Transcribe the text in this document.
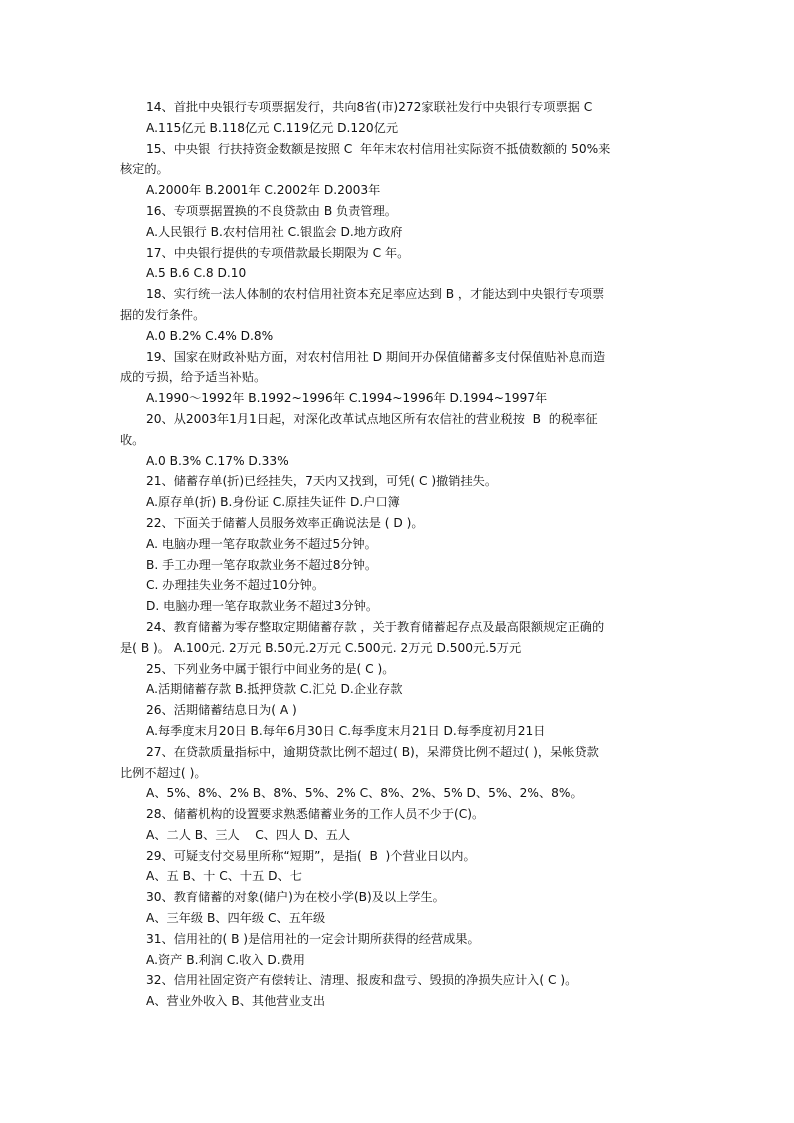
14、首批中央银行专项票据发行，共向8省(市)272家联社发行中央银行专项票据 C
A.115亿元 B.118亿元 C.119亿元 D.120亿元
15、中央银  行扶持资金数额是按照 C  年年末农村信用社实际资不抵债数额的 50%来
核定的。
A.2000年 B.2001年 C.2002年 D.2003年
16、专项票据置换的不良贷款由 B 负责管理。
A.人民银行 B.农村信用社 C.银监会 D.地方政府
17、中央银行提供的专项借款最长期限为 C 年。
A.5 B.6 C.8 D.10
18、实行统一法人体制的农村信用社资本充足率应达到 B ，才能达到中央银行专项票
据的发行条件。
A.0 B.2% C.4% D.8%
19、国家在财政补贴方面，对农村信用社 D 期间开办保值储蓄多支付保值贴补息而造
成的亏损，给予适当补贴。
A.1990～1992年 B.1992~1996年 C.1994~1996年 D.1994~1997年
20、从2003年1月1日起，对深化改革试点地区所有农信社的营业税按  B  的税率征
收。
A.0 B.3% C.17% D.33%
21、储蓄存单(折)已经挂失，7天内又找到，可凭( C )撤销挂失。
A.原存单(折) B.身份证 C.原挂失证件 D.户口簿
22、下面关于储蓄人员服务效率正确说法是 ( D )。
A. 电脑办理一笔存取款业务不超过5分钟。
B. 手工办理一笔存取款业务不超过8分钟。
C. 办理挂失业务不超过10分钟。
D. 电脑办理一笔存取款业务不超过3分钟。
24、教育储蓄为零存整取定期储蓄存款 ，关于教育储蓄起存点及最高限额规定正确的
是( B )。 A.100元. 2万元 B.50元.2万元 C.500元. 2万元 D.500元.5万元
25、下列业务中属于银行中间业务的是( C )。
A.活期储蓄存款 B.抵押贷款 C.汇兑 D.企业存款
26、活期储蓄结息日为( A )
A.每季度末月20日 B.每年6月30日 C.每季度末月21日 D.每季度初月21日
27、在贷款质量指标中，逾期贷款比例不超过( B)，呆滞贷比例不超过( )，呆帐贷款
比例不超过( )。
A、5%、8%、2% B、8%、5%、2% C、8%、2%、5% D、5%、2%、8%。
28、储蓄机构的设置要求熟悉储蓄业务的工作人员不少于(C)。
A、二人 B、三人    C、四人 D、五人
29、可疑支付交易里所称“短期”，是指(  B  )个营业日以内。
A、五 B、十 C、十五 D、七
30、教育储蓄的对象(储户)为在校小学(B)及以上学生。
A、三年级 B、四年级 C、五年级
31、信用社的( B )是信用社的一定会计期所获得的经营成果。
A.资产 B.利润 C.收入 D.费用
32、信用社固定资产有偿转让、清理、报废和盘亏、毁损的净损失应计入( C )。
A、营业外收入 B、其他营业支出
